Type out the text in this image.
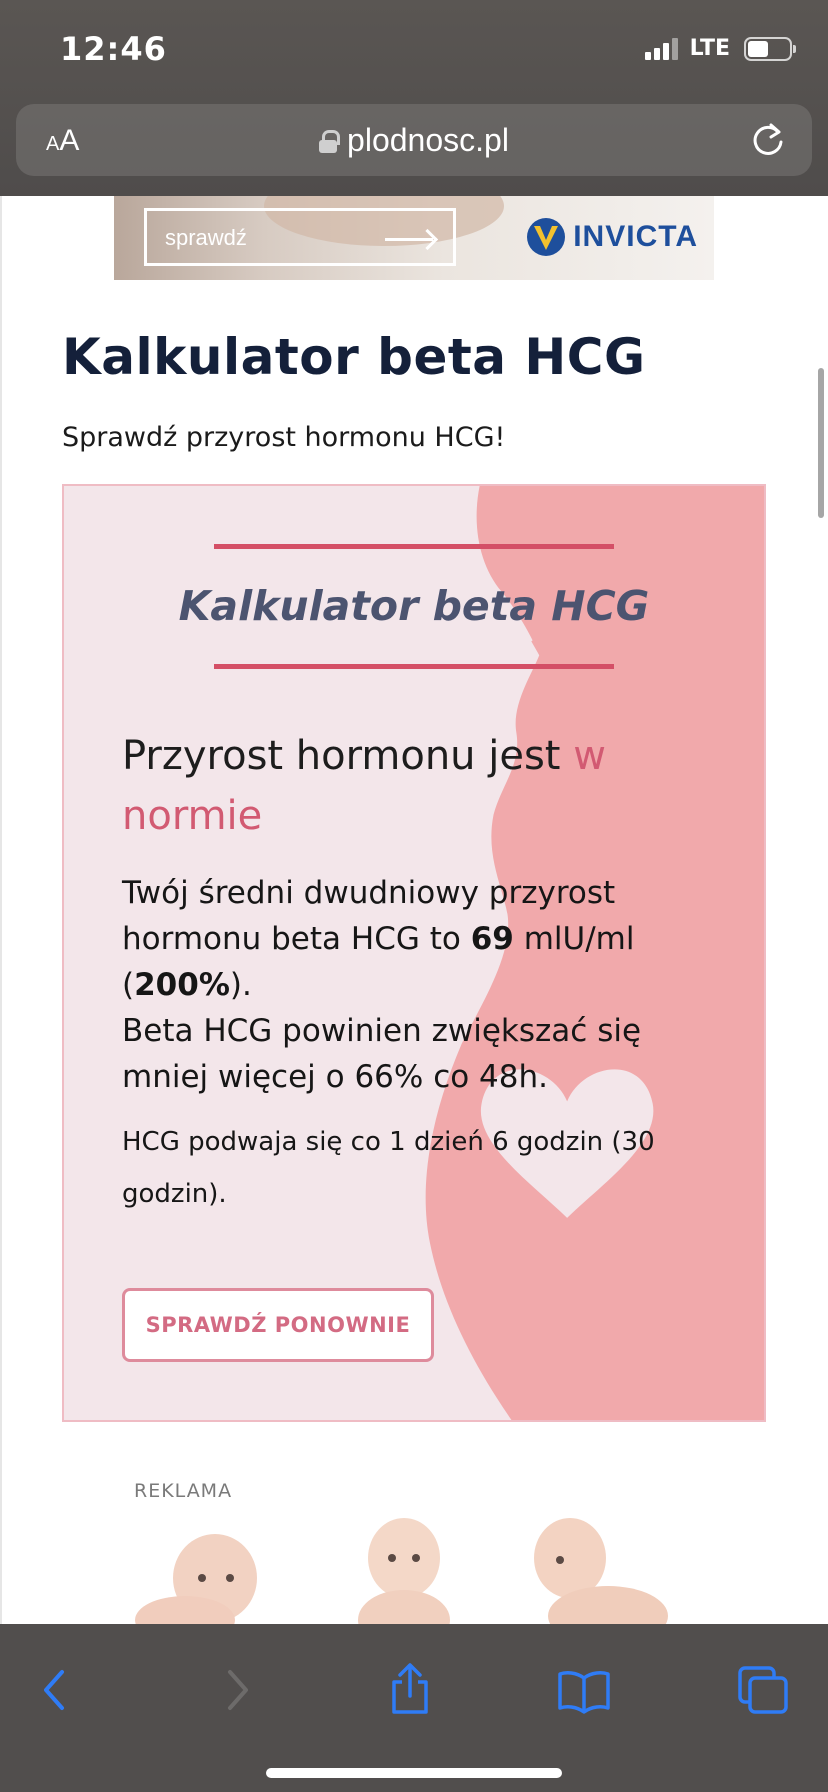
12:46	LTE
AA	plodnosc.pl
sprawdź	INVICTA
Kalkulator beta HCG

Sprawdź przyrost hormonu HCG!

Kalkulator beta HCG
Przyrost hormonu jest w normie
Twój średni dwudniowy przyrost hormonu beta HCG to 69 mlU/ml (200%).
Beta HCG powinien zwiększać się mniej więcej o 66% co 48h.
HCG podwaja się co 1 dzień 6 godzin (30 godzin).
SPRAWDŹ PONOWNIE
REKLAMA
